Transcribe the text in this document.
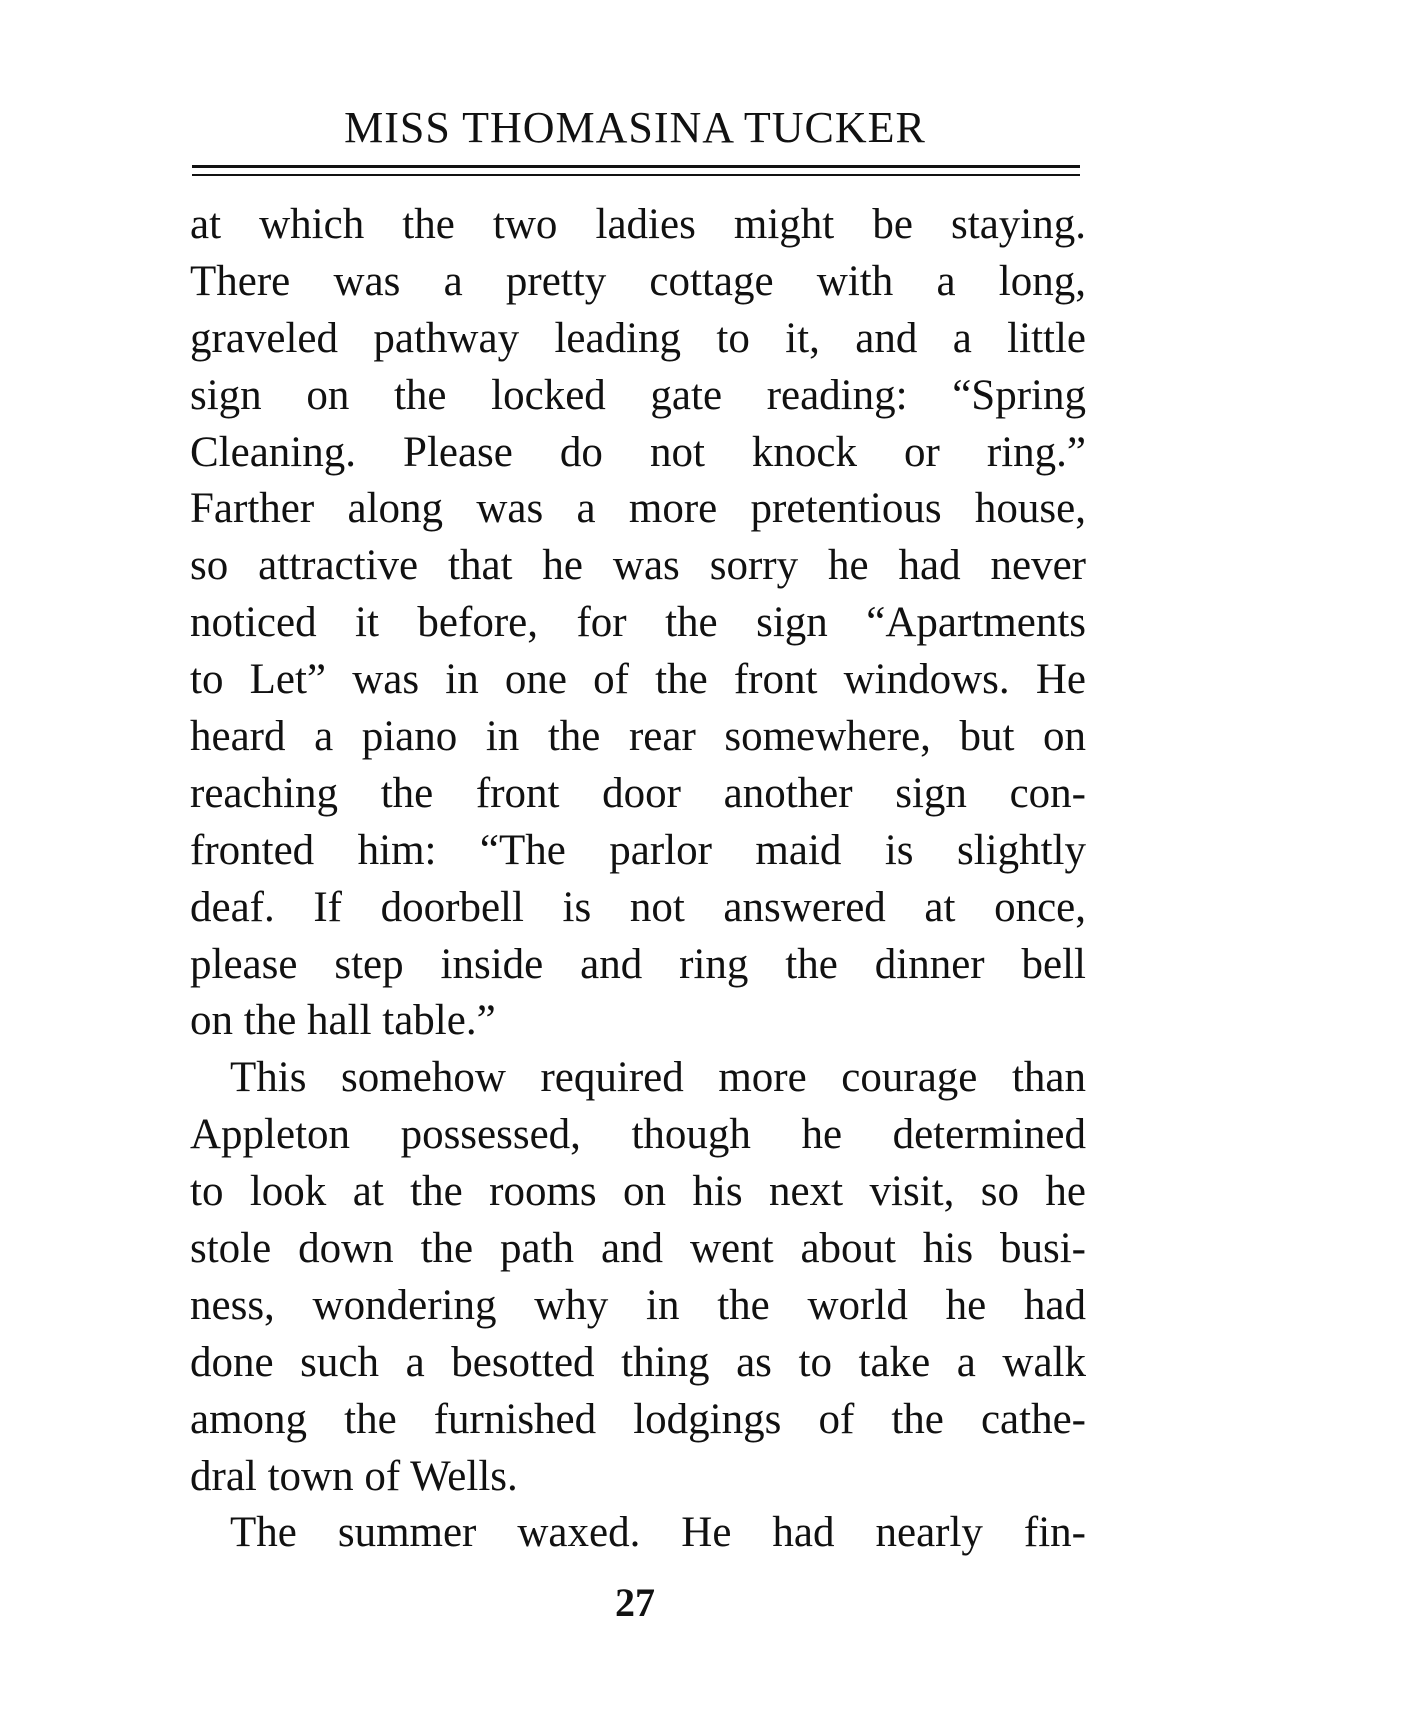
MISS THOMASINA TUCKER
at which the two ladies might be staying.
There was a pretty cottage with a long,
graveled pathway leading to it, and a little
sign on the locked gate reading: “Spring
Cleaning. Please do not knock or ring.”
Farther along was a more pretentious house,
so attractive that he was sorry he had never
noticed it before, for the sign “Apartments
to Let” was in one of the front windows. He
heard a piano in the rear somewhere, but on
reaching the front door another sign con-
fronted him: “The parlor maid is slightly
deaf. If doorbell is not answered at once,
please step inside and ring the dinner bell
on the hall table.”
This somehow required more courage than
Appleton possessed, though he determined
to look at the rooms on his next visit, so he
stole down the path and went about his busi-
ness, wondering why in the world he had
done such a besotted thing as to take a walk
among the furnished lodgings of the cathe-
dral town of Wells.
The summer waxed. He had nearly fin-
27
